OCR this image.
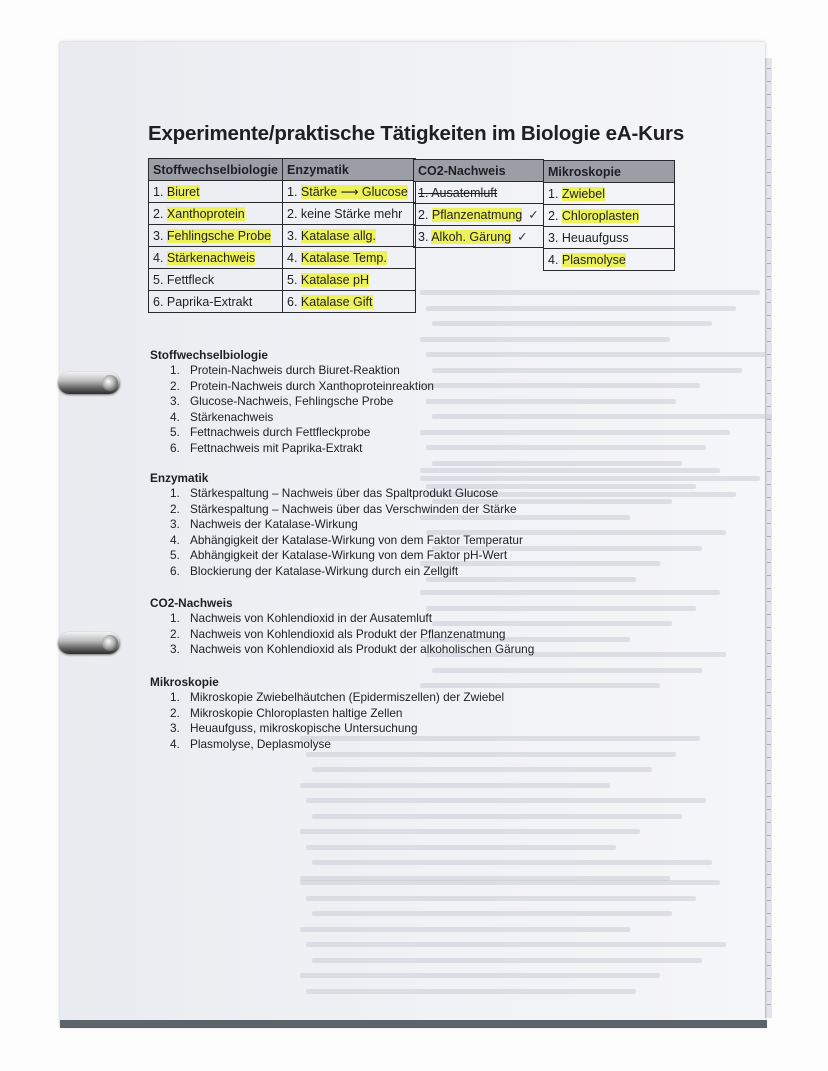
Experimente/praktische Tätigkeiten im Biologie eA-Kurs
Stoffwechselbiologie	Enzymatik
1. Biuret	1. Stärke ⟶ Glucose
2. Xanthoprotein	2. keine Stärke mehr
3. Fehlingsche Probe	3. Katalase allg.
4. Stärkenachweis	4. Katalase Temp.
5. Fettfleck	5. Katalase pH
6. Paprika-Extrakt	6. Katalase Gift
CO2-Nachweis
1. Ausatemluft
2. Pflanzenatmung ✓
3. Alkoh. Gärung ✓
Mikroskopie
1. Zwiebel
2. Chloroplasten
3. Heuaufguss
4. Plasmolyse
Stoffwechselbiologie
1. Protein-Nachweis durch Biuret-Reaktion
2. Protein-Nachweis durch Xanthoproteinreaktion
3. Glucose-Nachweis, Fehlingsche Probe
4. Stärkenachweis
5. Fettnachweis durch Fettfleckprobe
6. Fettnachweis mit Paprika-Extrakt
Enzymatik
1. Stärkespaltung – Nachweis über das Spaltprodukt Glucose
2. Stärkespaltung – Nachweis über das Verschwinden der Stärke
3. Nachweis der Katalase-Wirkung
4. Abhängigkeit der Katalase-Wirkung von dem Faktor Temperatur
5. Abhängigkeit der Katalase-Wirkung von dem Faktor pH-Wert
6. Blockierung der Katalase-Wirkung durch ein Zellgift
CO2-Nachweis
1. Nachweis von Kohlendioxid in der Ausatemluft
2. Nachweis von Kohlendioxid als Produkt der Pflanzenatmung
3. Nachweis von Kohlendioxid als Produkt der alkoholischen Gärung
Mikroskopie
1. Mikroskopie Zwiebelhäutchen (Epidermiszellen) der Zwiebel
2. Mikroskopie Chloroplasten haltige Zellen
3. Heuaufguss, mikroskopische Untersuchung
4. Plasmolyse, Deplasmolyse
